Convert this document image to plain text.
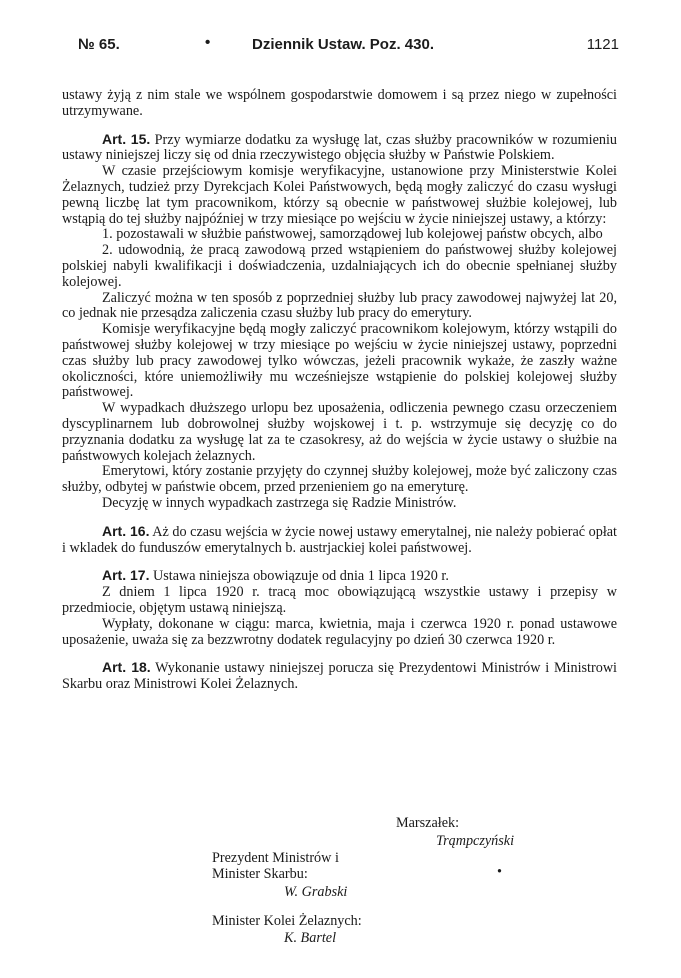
№ 65.	•	Dziennik Ustaw. Poz. 430.	1121

ustawy żyją z nim stale we wspólnem gospodarstwie domowem i są przez niego w zupełności utrzymywane.

Art. 15. Przy wymiarze dodatku za wysługę lat, czas służby pracowników w rozumieniu ustawy niniejszej liczy się od dnia rzeczywistego objęcia służby w Państwie Polskiem.

W czasie przejściowym komisje weryfikacyjne, ustanowione przy Ministerstwie Kolei Żelaznych, tudzież przy Dyrekcjach Kolei Państwowych, będą mogły zaliczyć do czasu wysługi pewną liczbę lat tym pracownikom, którzy są obecnie w państwowej służbie kolejowej, lub wstąpią do tej służby najpóźniej w trzy miesiące po wejściu w życie niniejszej ustawy, a którzy:

1. pozostawali w służbie państwowej, samorządowej lub kolejowej państw obcych, albo

2. udowodnią, że pracą zawodową przed wstąpieniem do państwowej służby kolejowej polskiej nabyli kwalifikacji i doświadczenia, uzdalniających ich do obecnie spełnianej służby kolejowej.

Zaliczyć można w ten sposób z poprzedniej służby lub pracy zawodowej najwyżej lat 20, co jednak nie przesądza zaliczenia czasu służby lub pracy do emerytury.

Komisje weryfikacyjne będą mogły zaliczyć pracownikom kolejowym, którzy wstąpili do państwowej służby kolejowej w trzy miesiące po wejściu w życie niniejszej ustawy, poprzedni czas służby lub pracy zawodowej tylko wówczas, jeżeli pracownik wykaże, że zaszły ważne okoliczności, które uniemożliwiły mu wcześniejsze wstąpienie do polskiej kolejowej służby państwowej.

W wypadkach dłuższego urlopu bez uposażenia, odliczenia pewnego czasu orzeczeniem dyscyplinarnem lub dobrowolnej służby wojskowej i t. p. wstrzymuje się decyzję co do przyznania dodatku za wysługę lat za te czasokresy, aż do wejścia w życie ustawy o służbie na państwowych kolejach żelaznych.

Emerytowi, który zostanie przyjęty do czynnej służby kolejowej, może być zaliczony czas służby, odbytej w państwie obcem, przed przenieniem go na emeryturę.

Decyzję w innych wypadkach zastrzega się Radzie Ministrów.

Art. 16. Aż do czasu wejścia w życie nowej ustawy emerytalnej, nie należy pobierać opłat i wkladek do funduszów emerytalnych b. austrjackiej kolei państwowej.

Art. 17. Ustawa niniejsza obowiązuje od dnia 1 lipca 1920 r.

Z dniem 1 lipca 1920 r. tracą moc obowiązującą wszystkie ustawy i przepisy w przedmiocie, objętym ustawą niniejszą.

Wypłaty, dokonane w ciągu: marca, kwietnia, maja i czerwca 1920 r. ponad ustawowe uposażenie, uważa się za bezzwrotny dodatek regulacyjny po dzień 30 czerwca 1920 r.

Art. 18. Wykonanie ustawy niniejszej porucza się Prezydentowi Ministrów i Ministrowi Skarbu oraz Ministrowi Kolei Żelaznych.

Marszałek:
Trąmpczyński
Prezydent Ministrów i
Minister Skarbu:	•
W. Grabski
Minister Kolei Żelaznych:
K. Bartel
